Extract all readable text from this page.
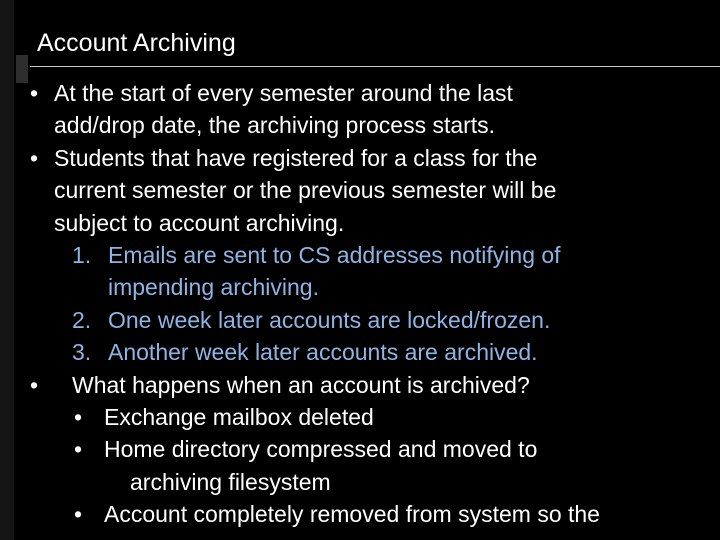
Account Archiving
• At the start of every semester around the last
add/drop date, the archiving process starts.
• Students that have registered for a class for the
current semester or the previous semester will be
subject to account archiving.
1. Emails are sent to CS addresses notifying of
impending archiving.
2. One week later accounts are locked/frozen.
3. Another week later accounts are archived.
•	What happens when an account is archived?
• Exchange mailbox deleted
• Home directory compressed and moved to
archiving filesystem
• Account completely removed from system so the
